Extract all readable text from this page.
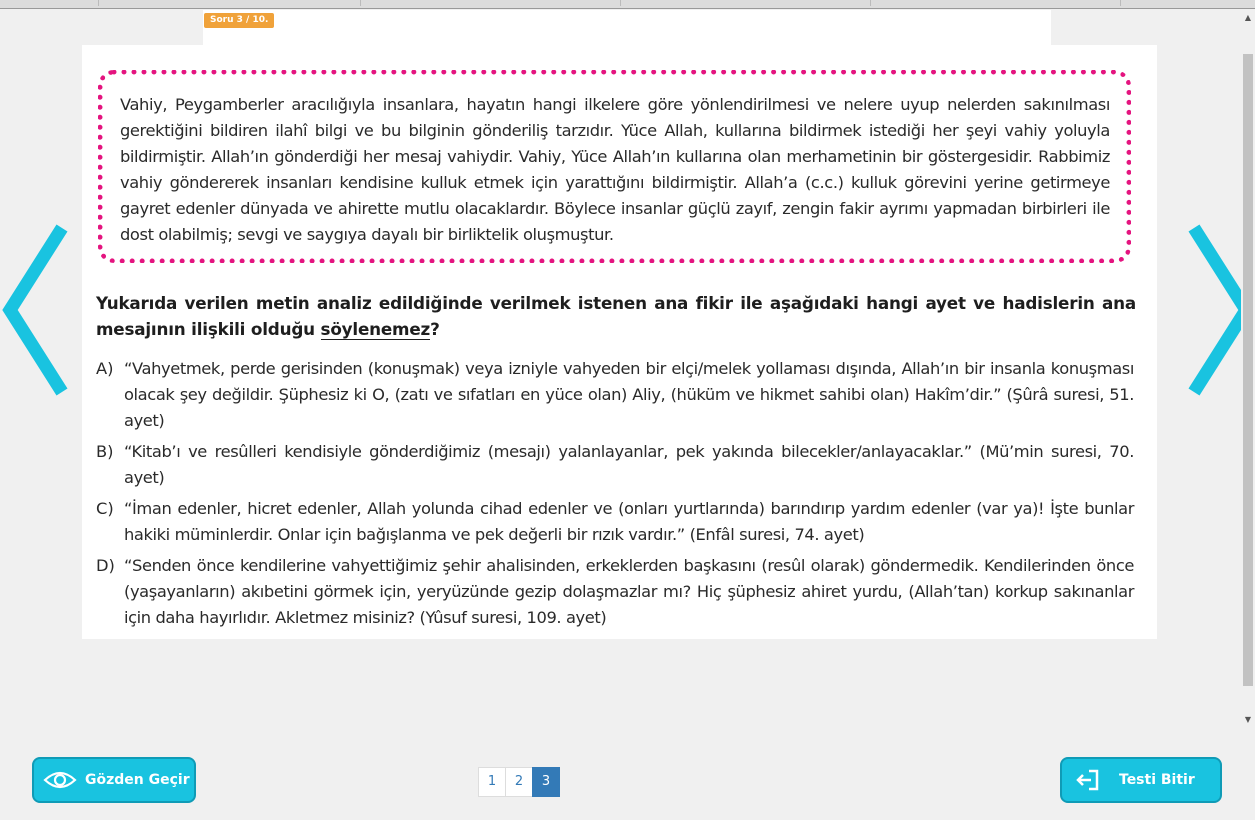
Soru 3 / 10.
Vahiy, Peygamberler aracılığıyla insanlara, hayatın hangi ilkelere göre yönlendirilmesi ve nelere uyup nelerden sakınılması gerektiğini bildiren ilahî bilgi ve bu bilginin gönderiliş tarzıdır. Yüce Allah, kullarına bildirmek istediği her şeyi vahiy yoluyla bildirmiştir. Allah’ın gönderdiği her mesaj vahiydir. Vahiy, Yüce Allah’ın kullarına olan merhametinin bir göstergesidir. Rabbimiz vahiy göndererek insanları kendisine kulluk etmek için yarattığını bildirmiştir. Allah’a (c.c.) kulluk görevini yerine getirmeye gayret edenler dünyada ve ahirette mutlu olacaklardır. Böylece insanlar güçlü zayıf, zengin fakir ayrımı yapmadan birbirleri ile dost olabilmiş; sevgi ve saygıya dayalı bir birliktelik oluşmuştur.
Yukarıda verilen metin analiz edildiğinde verilmek istenen ana fikir ile aşağıdaki hangi ayet ve hadislerin ana mesajının ilişkili olduğu söylenemez?
A) “Vahyetmek, perde gerisinden (konuşmak) veya izniyle vahyeden bir elçi/melek yollaması dışında, Allah’ın bir insanla konuşması olacak şey değildir. Şüphesiz ki O, (zatı ve sıfatları en yüce olan) Aliy, (hüküm ve hikmet sahibi olan) Hakîm’dir.” (Şûrâ suresi, 51. ayet)
B) “Kitab’ı ve resûlleri kendisiyle gönderdiğimiz (mesajı) yalanlayanlar, pek yakında bilecekler/anlayacaklar.” (Mü’min suresi, 70. ayet)
C) “İman edenler, hicret edenler, Allah yolunda cihad edenler ve (onları yurtlarında) barındırıp yardım edenler (var ya)! İşte bunlar hakiki müminlerdir. Onlar için bağışlanma ve pek değerli bir rızık vardır.” (Enfâl suresi, 74. ayet)
D) “Senden önce kendilerine vahyettiğimiz şehir ahalisinden, erkeklerden başkasını (resûl olarak) göndermedik. Kendilerinden önce (yaşayanların) akıbetini görmek için, yeryüzünde gezip dolaşmazlar mı? Hiç şüphesiz ahiret yurdu, (Allah’tan) korkup sakınanlar için daha hayırlıdır. Akletmez misiniz? (Yûsuf suresi, 109. ayet)
▲
▼
Gözden Geçir	1	2	3	Testi Bitir
